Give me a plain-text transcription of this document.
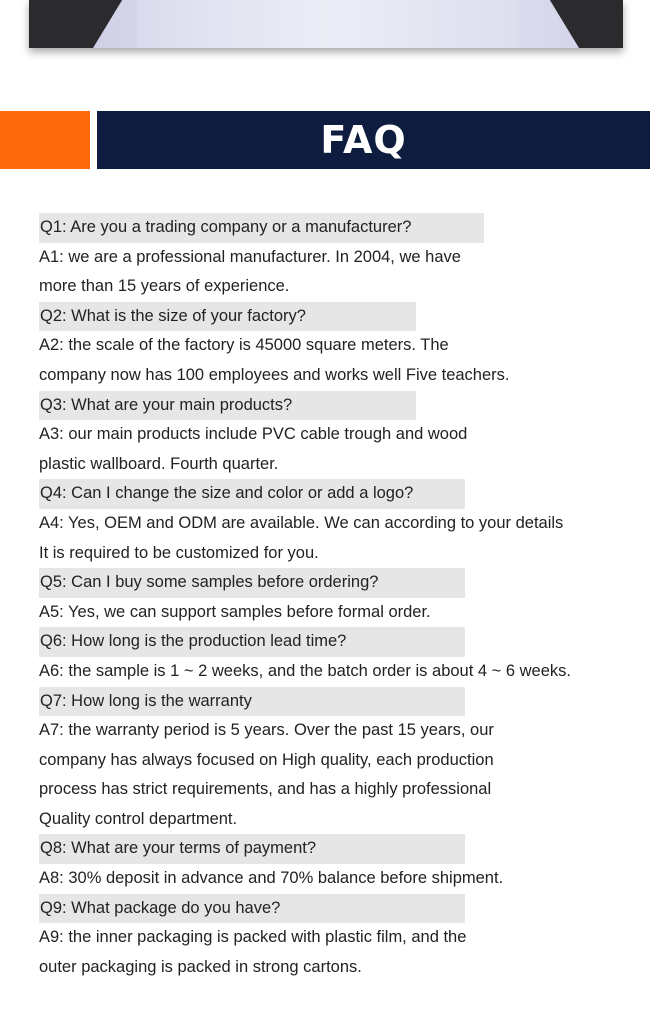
FAQ
Q1: Are you a trading company or a manufacturer?
A1: we are a professional manufacturer. In 2004, we have
more than 15 years of experience.
Q2: What is the size of your factory?
A2: the scale of the factory is 45000 square meters. The
company now has 100 employees and works well Five teachers.
Q3: What are your main products?
A3: our main products include PVC cable trough and wood
plastic wallboard. Fourth quarter.
Q4: Can I change the size and color or add a logo?
A4: Yes, OEM and ODM are available. We can according to your details
It is required to be customized for you.
Q5: Can I buy some samples before ordering?
A5: Yes, we can support samples before formal order.
Q6: How long is the production lead time?
A6: the sample is 1 ~ 2 weeks, and the batch order is about 4 ~ 6 weeks.
Q7: How long is the warranty
A7: the warranty period is 5 years. Over the past 15 years, our
company has always focused on High quality, each production
process has strict requirements, and has a highly professional
Quality control department.
Q8: What are your terms of payment?
A8: 30% deposit in advance and 70% balance before shipment.
Q9: What package do you have?
A9: the inner packaging is packed with plastic film, and the
outer packaging is packed in strong cartons.
